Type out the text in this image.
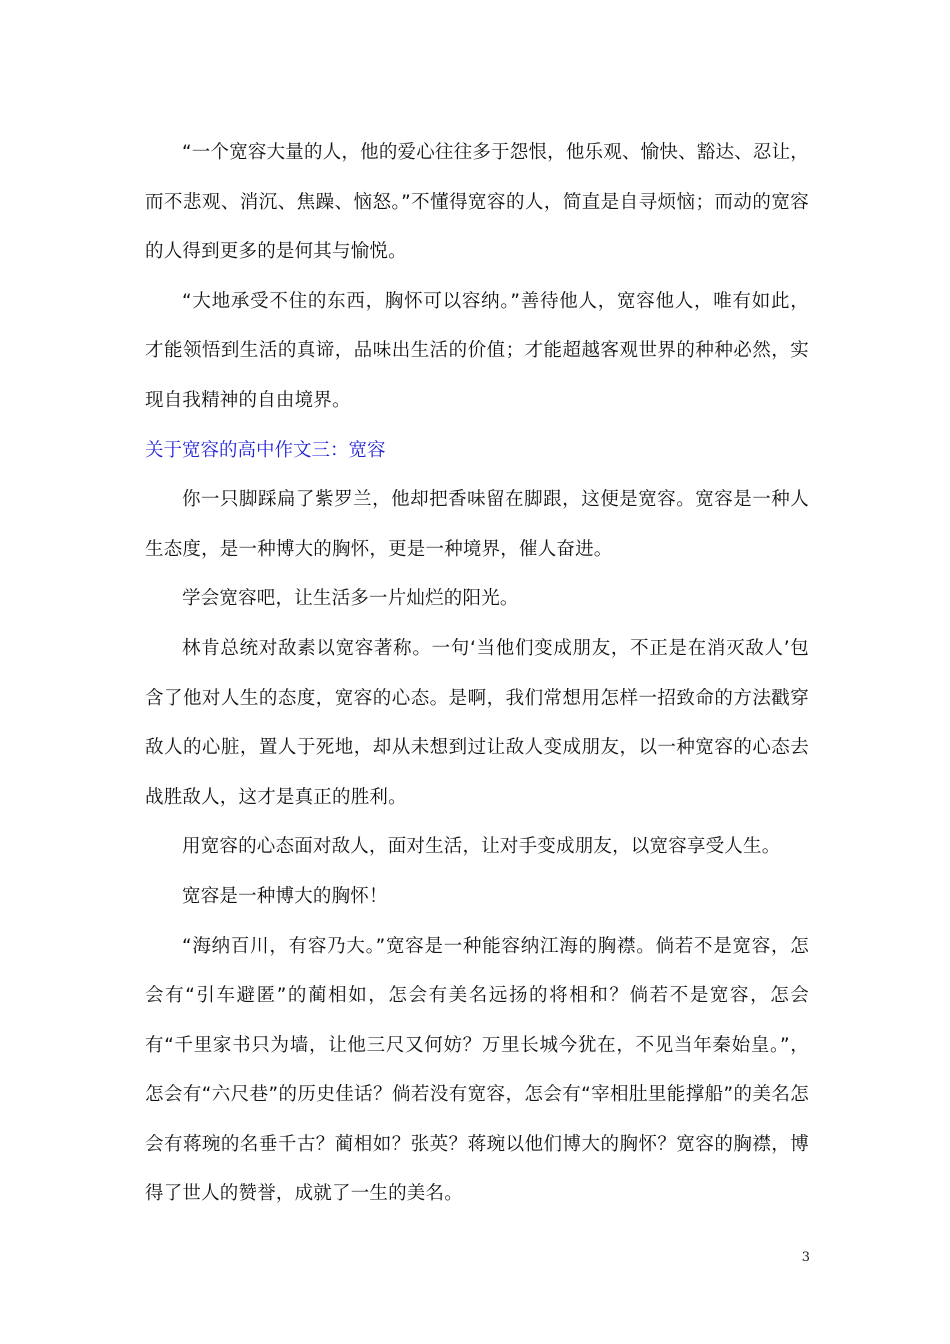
“一个宽容大量的人，他的爱心往往多于怨恨，他乐观、愉快、豁达、忍让，而不悲观、消沉、焦躁、恼怒。”不懂得宽容的人，简直是自寻烦恼；而动的宽容的人得到更多的是何其与愉悦。

“大地承受不住的东西，胸怀可以容纳。”善待他人，宽容他人，唯有如此，才能领悟到生活的真谛，品味出生活的价值；才能超越客观世界的种种必然，实现自我精神的自由境界。

关于宽容的高中作文三：宽容

你一只脚踩扁了紫罗兰，他却把香味留在脚跟，这便是宽容。宽容是一种人生态度，是一种博大的胸怀，更是一种境界，催人奋进。

学会宽容吧，让生活多一片灿烂的阳光。

林肯总统对敌素以宽容著称。一句‘当他们变成朋友，不正是在消灭敌人’包含了他对人生的态度，宽容的心态。是啊，我们常想用怎样一招致命的方法戳穿敌人的心脏，置人于死地，却从未想到过让敌人变成朋友，以一种宽容的心态去战胜敌人，这才是真正的胜利。

用宽容的心态面对敌人，面对生活，让对手变成朋友，以宽容享受人生。

宽容是一种博大的胸怀！

“海纳百川，有容乃大。”宽容是一种能容纳江海的胸襟。倘若不是宽容，怎会有“引车避匿”的蔺相如，怎会有美名远扬的将相和？倘若不是宽容，怎会有“千里家书只为墙，让他三尺又何妨？万里长城今犹在，不见当年秦始皇。”，怎会有“六尺巷”的历史佳话？倘若没有宽容，怎会有“宰相肚里能撑船”的美名怎会有蒋琬的名垂千古？蔺相如？张英？蒋琬以他们博大的胸怀？宽容的胸襟，博得了世人的赞誉，成就了一生的美名。

3
